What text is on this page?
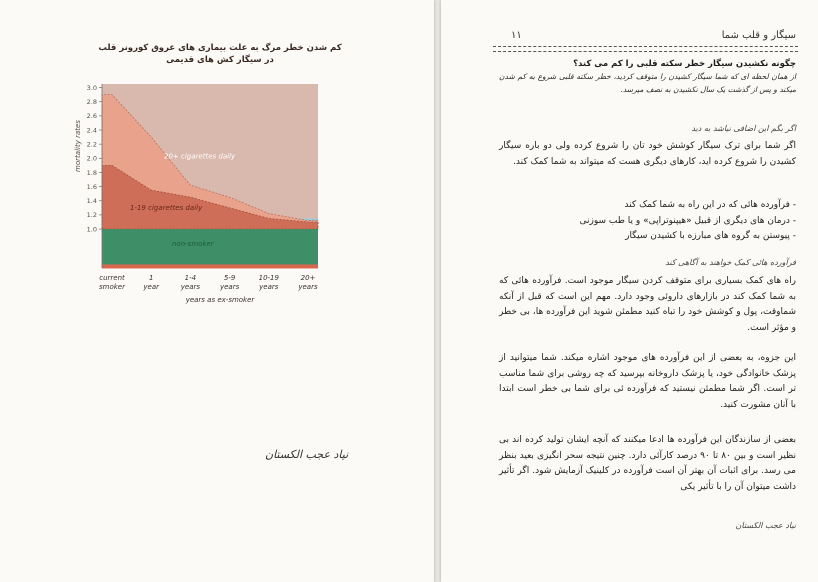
کم شدن خطر مرگ به علت بیماری های عروق کورونر قلب
در سیگار کش های قدیمی
20+ cigarettes daily
1-19 cigarettes daily
non-smoker
1.0
1.2
1.4
1.6
1.8
2.0
2.2
2.4
2.6
2.8
3.0
mortality rates
current
smoker
1
year
1-4
years
5-9
years
10-19
years
20+
years
years as ex-smoker
نیاد عجب الکستان
سیگار و قلب شما
۱۱
چگونه نکشیدن سیگار خطر سکته قلبی را کم می کند؟
از همان لحظه ای که شما سیگار کشیدن را متوقف کردید، خطر سکته قلبی شروع به کم شدن میکند و پس از گذشت یک سال نکشیدن به نصف میرسد.
اگر بگم این اضافی نیاشد به دید
اگر شما برای ترک سیگار کوشش خود تان را شروع کرده ولی دو باره سیگار کشیدن را شروع کرده اید، کارهای دیگری هست که میتواند به شما کمک کند.
- فرآورده هائی که در این راه به شما کمک کند
- درمان های دیگری از قبیل «هیپنوتراپی» و یا طب سوزنی
- پیوستن به گروه های مبارزه با کشیدن سیگار
فرآورده هائی کمک خواهند به آگاهی کند
راه های کمک بسیاری برای متوقف کردن سیگار موجود است. فرآورده هائی که به شما کمک کند در بازارهای داروئی وجود دارد. مهم این است که قبل از آنکه شماوقت، پول و کوشش خود را تباه کنید مطمئن شوید این فرآورده ها، بی خطر و مؤثر است.
این جزوه، به بعضی از این فرآورده های موجود اشاره میکند. شما میتوانید از پزشک خانوادگی خود، یا پزشک داروخانه بپرسید که چه روشی برای شما مناسب تر است. اگر شما مطمئن نیستید که فرآورده ئی برای شما بی خطر است ابتدا با آنان مشورت کنید.
بعضی از سازندگان این فرآورده ها ادعا میکنند که آنچه ایشان تولید کرده اند بی نظیر است و بین ۸۰ تا ۹۰ درصد کارآئی دارد. چنین نتیجه سحر انگیزی بعید بنظر می رسد. برای اثبات آن بهتر آن است فرآورده در کلینیک آزمایش شود. اگر تأثیر داشت میتوان آن را با تأثیر یکی
نیاد عجب الکستان
